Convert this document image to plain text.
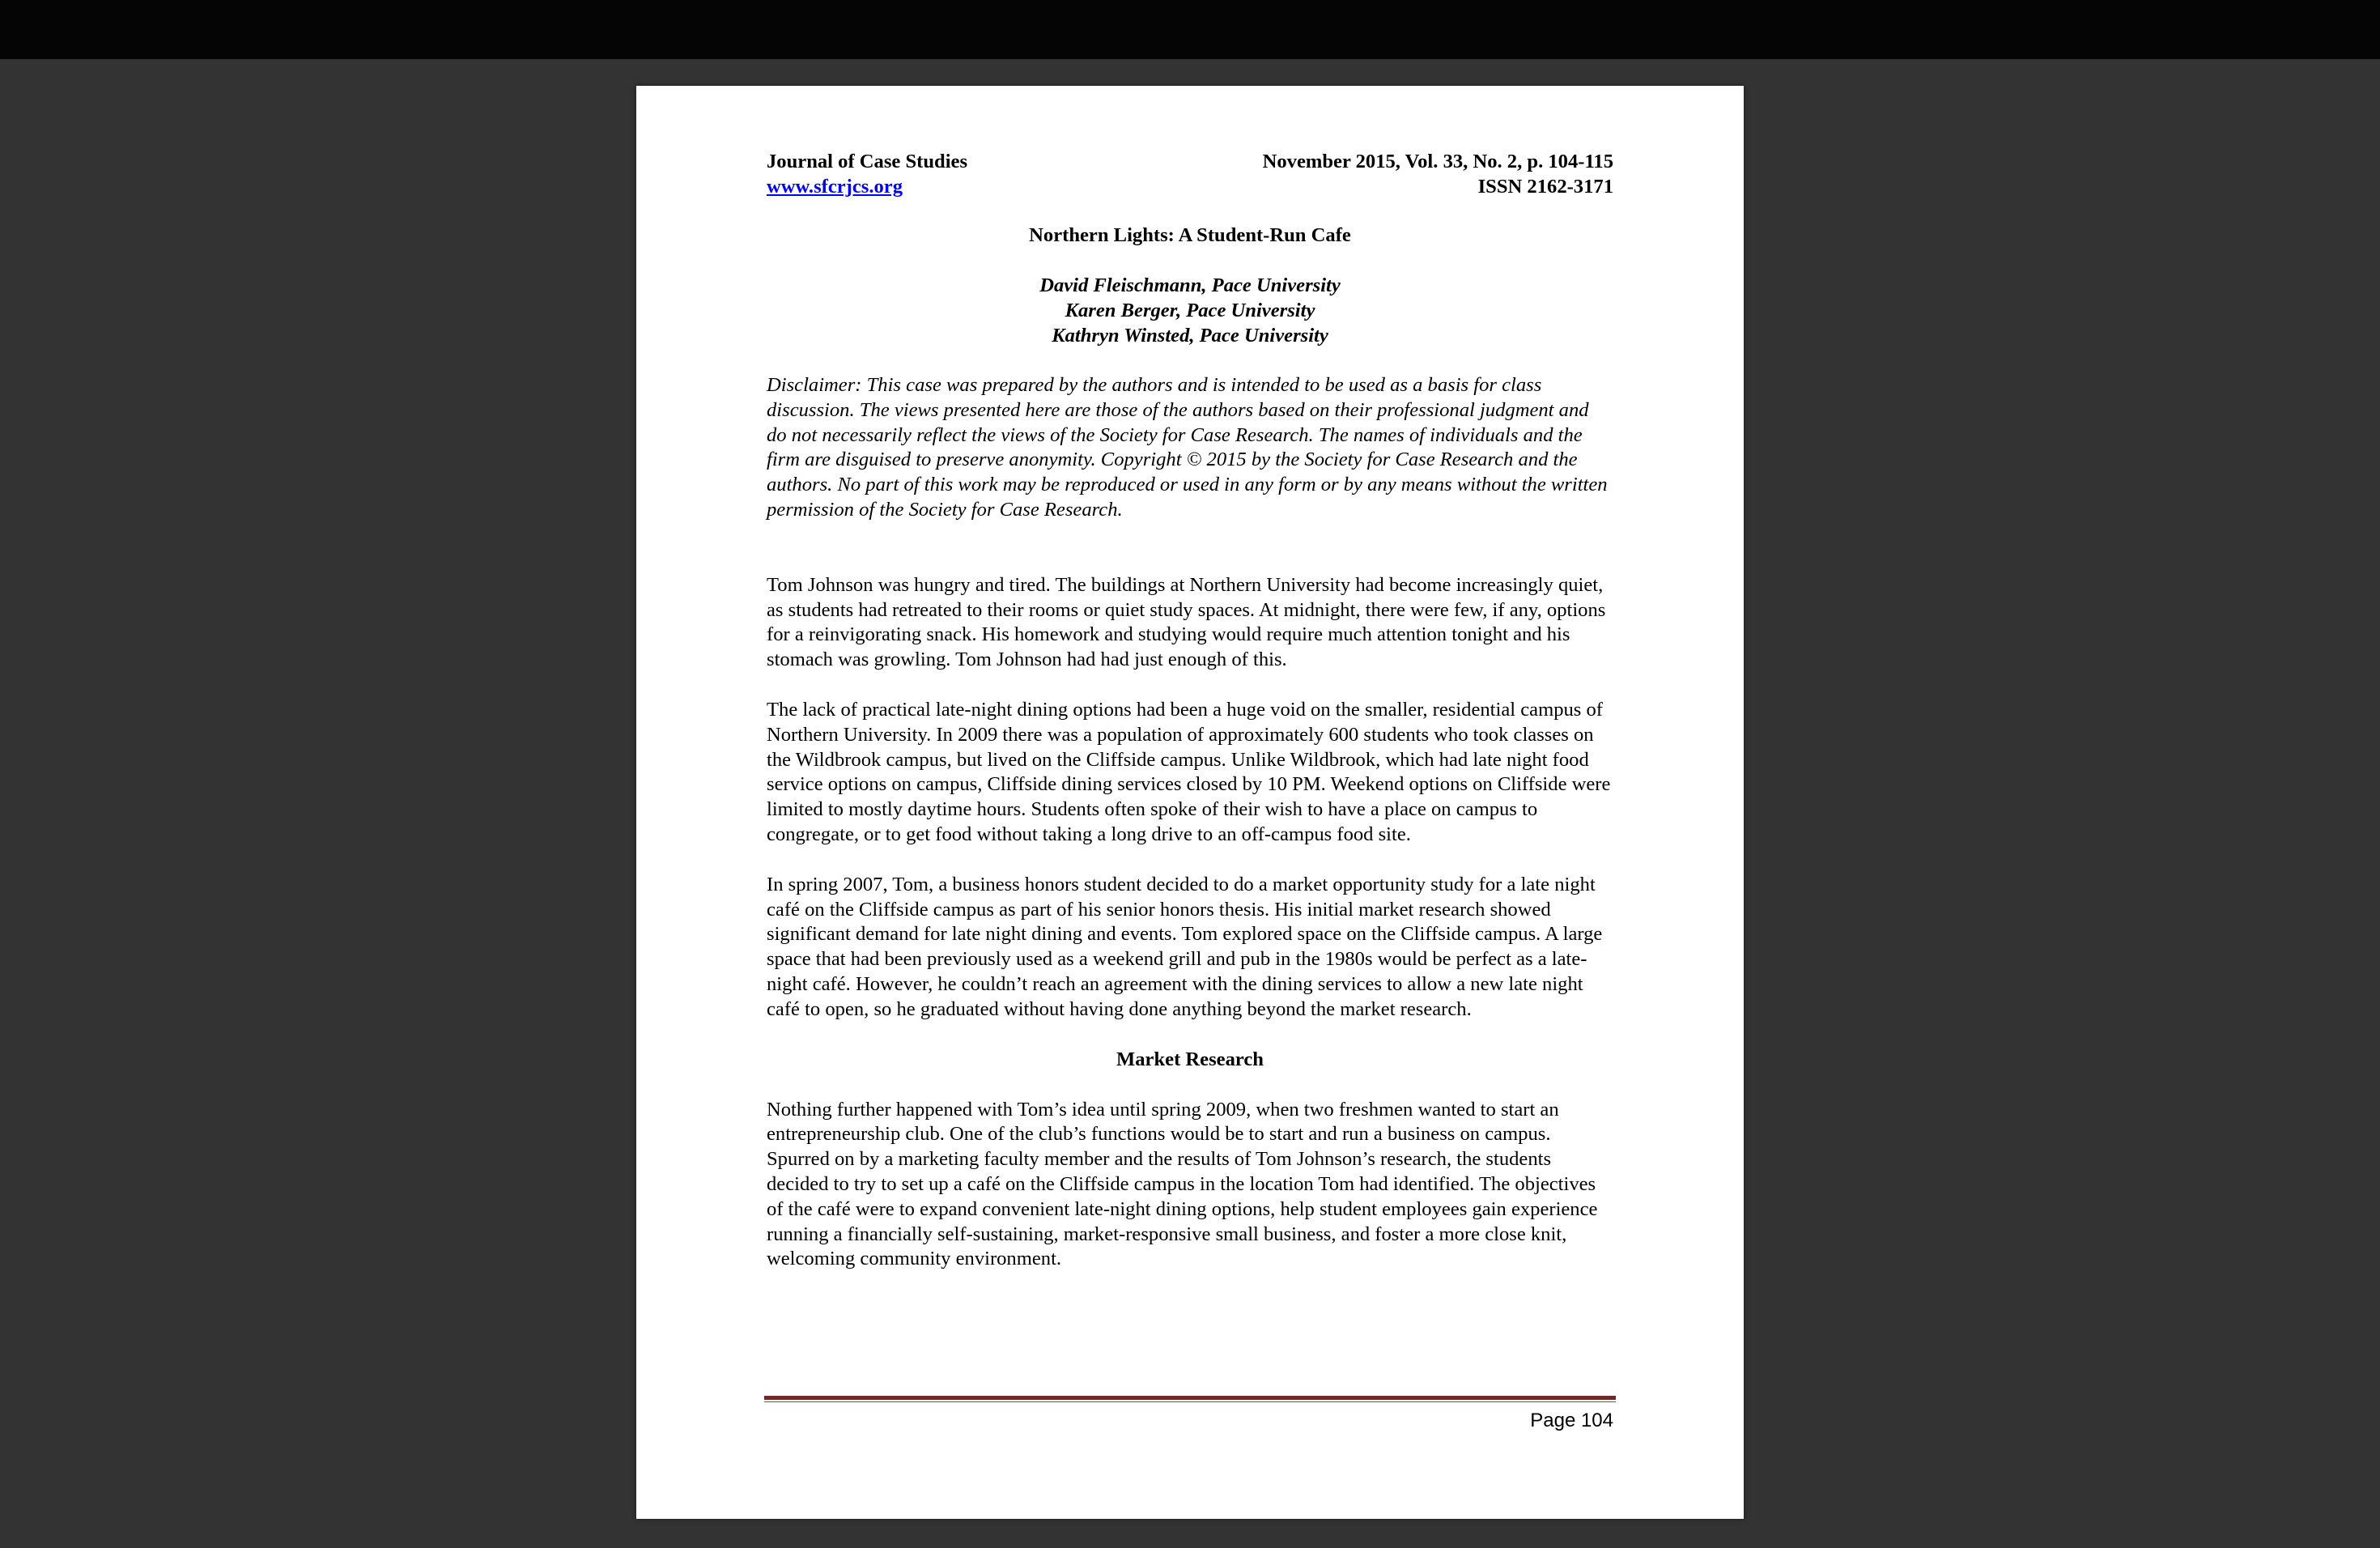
Journal of Case Studies	November 2015, Vol. 33, No. 2, p. 104-115
www.sfcrjcs.org	ISSN 2162-3171
Northern Lights: A Student-Run Cafe
David Fleischmann, Pace University
Karen Berger, Pace University
Kathryn Winsted, Pace University
Disclaimer: This case was prepared by the authors and is intended to be used as a basis for class discussion. The views presented here are those of the authors based on their professional judgment and do not necessarily reflect the views of the Society for Case Research. The names of individuals and the firm are disguised to preserve anonymity. Copyright © 2015 by the Society for Case Research and the authors. No part of this work may be reproduced or used in any form or by any means without the written permission of the Society for Case Research.
Tom Johnson was hungry and tired. The buildings at Northern University had become increasingly quiet, as students had retreated to their rooms or quiet study spaces. At midnight, there were few, if any, options for a reinvigorating snack. His homework and studying would require much attention tonight and his stomach was growling. Tom Johnson had had just enough of this.
The lack of practical late-night dining options had been a huge void on the smaller, residential campus of Northern University. In 2009 there was a population of approximately 600 students who took classes on the Wildbrook campus, but lived on the Cliffside campus. Unlike Wildbrook, which had late night food service options on campus, Cliffside dining services closed by 10 PM. Weekend options on Cliffside were limited to mostly daytime hours. Students often spoke of their wish to have a place on campus to congregate, or to get food without taking a long drive to an off-campus food site.
In spring 2007, Tom, a business honors student decided to do a market opportunity study for a late night café on the Cliffside campus as part of his senior honors thesis. His initial market research showed significant demand for late night dining and events. Tom explored space on the Cliffside campus. A large space that had been previously used as a weekend grill and pub in the 1980s would be perfect as a late-night café. However, he couldn’t reach an agreement with the dining services to allow a new late night café to open, so he graduated without having done anything beyond the market research.
Market Research
Nothing further happened with Tom’s idea until spring 2009, when two freshmen wanted to start an entrepreneurship club. One of the club’s functions would be to start and run a business on campus. Spurred on by a marketing faculty member and the results of Tom Johnson’s research, the students decided to try to set up a café on the Cliffside campus in the location Tom had identified. The objectives of the café were to expand convenient late-night dining options, help student employees gain experience running a financially self-sustaining, market-responsive small business, and foster a more close knit, welcoming community environment.
Page 104
